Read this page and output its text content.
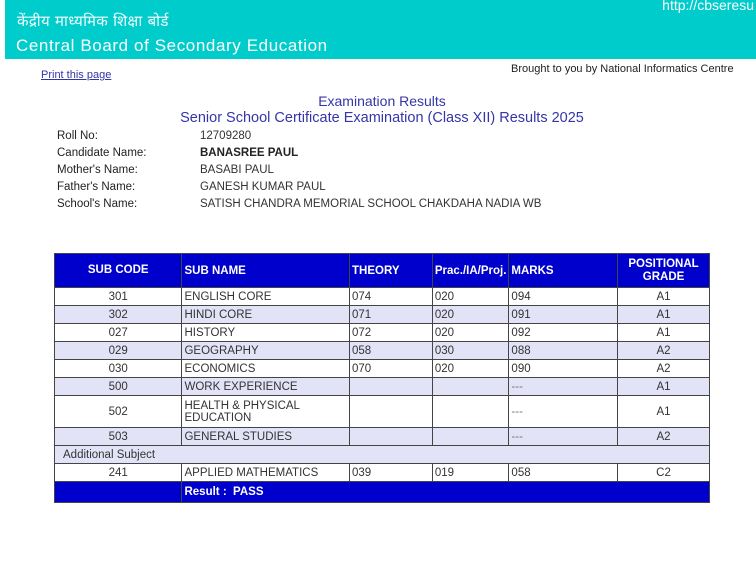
केंद्रीय माध्यमिक शिक्षा बोर्ड
Central Board of Secondary Education
http://cbseresu
Print this page	Brought to you by National Informatics Centre
Examination Results
Senior School Certificate Examination (Class XII) Results 2025
Roll No:	12709280
Candidate Name:	BANASREE PAUL
Mother's Name:	BASABI PAUL
Father's Name:	GANESH KUMAR PAUL
School's Name:	SATISH CHANDRA MEMORIAL SCHOOL CHAKDAHA NADIA WB
SUB CODE	SUB NAME	THEORY	Prac./IA/Proj.	MARKS	POSITIONAL GRADE
301	ENGLISH CORE	074	020	094	A1
302	HINDI CORE	071	020	091	A1
027	HISTORY	072	020	092	A1
029	GEOGRAPHY	058	030	088	A2
030	ECONOMICS	070	020	090	A2
500	WORK EXPERIENCE			---	A1
502	HEALTH & PHYSICAL EDUCATION			---	A1
503	GENERAL STUDIES			---	A2
Additional Subject					
241	APPLIED MATHEMATICS	039	019	058	C2
	Result : PASS				
